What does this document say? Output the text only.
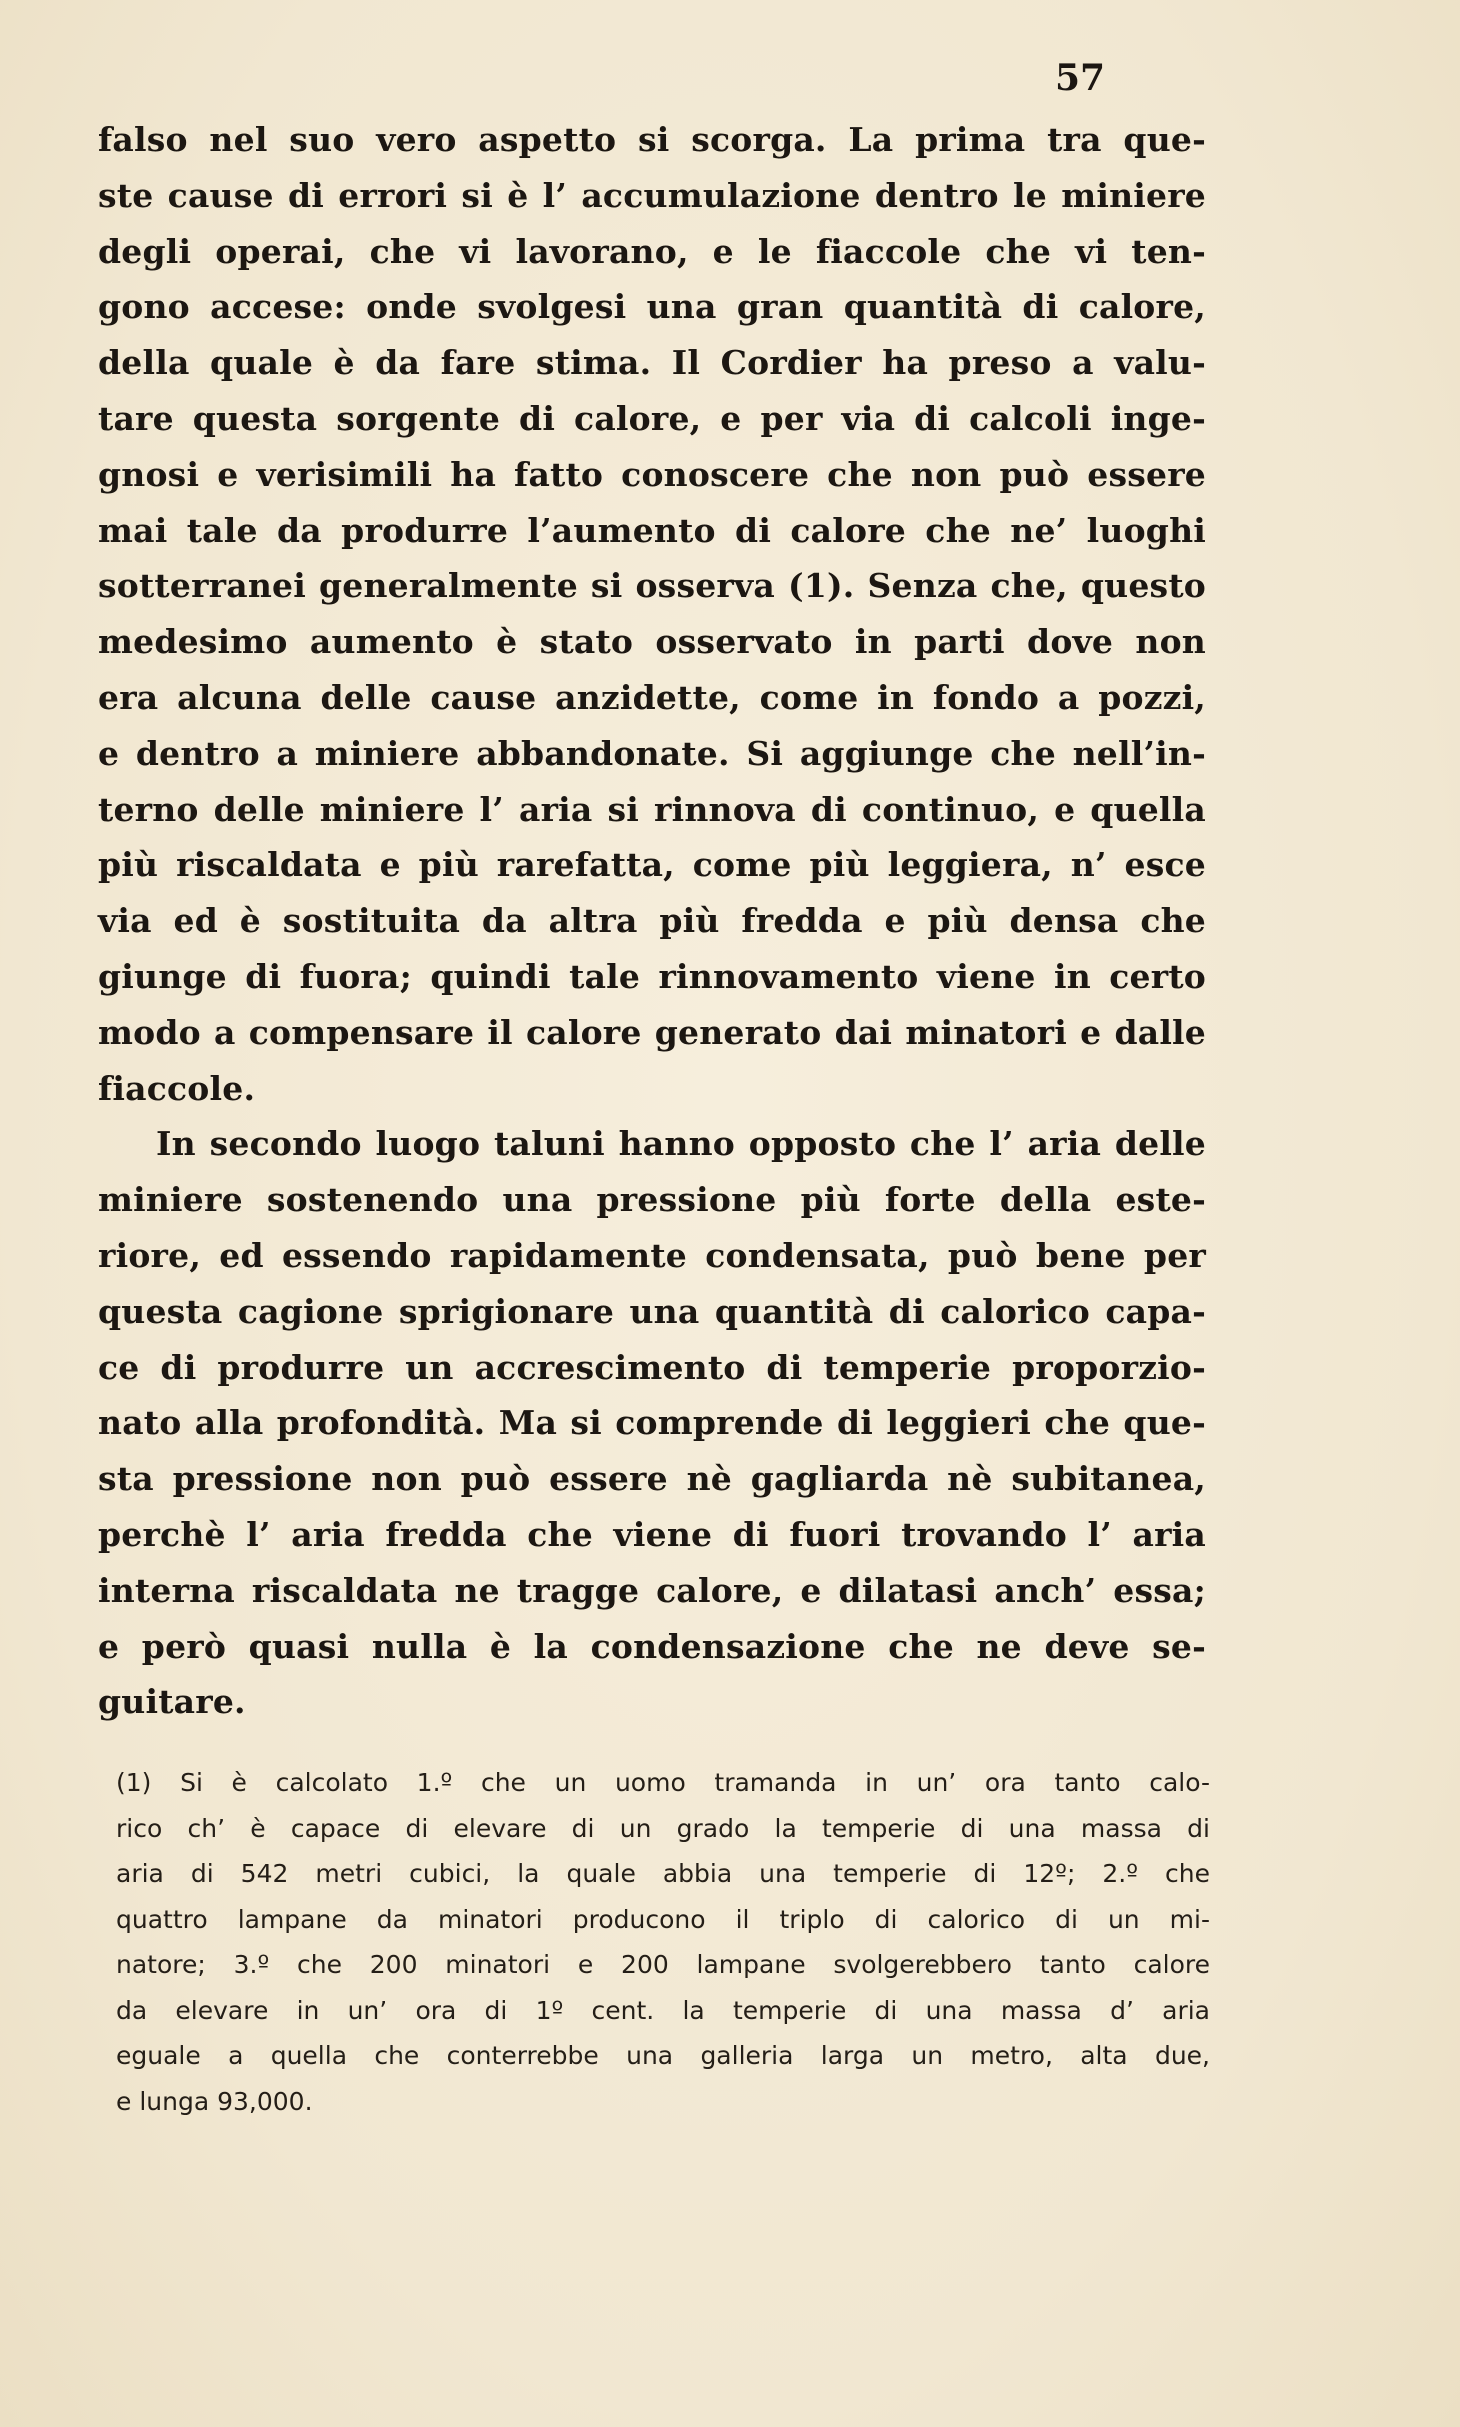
57
falso nel suo vero aspetto si scorga. La prima tra que-
ste cause di errori si è l’ accumulazione dentro le miniere
degli operai, che vi lavorano, e le fiaccole che vi ten-
gono accese: onde svolgesi una gran quantità di calore,
della quale è da fare stima. Il Cordier ha preso a valu-
tare questa sorgente di calore, e per via di calcoli inge-
gnosi e verisimili ha fatto conoscere che non può essere
mai tale da produrre l’aumento di calore che ne’ luoghi
sotterranei generalmente si osserva (1). Senza che, questo
medesimo aumento è stato osservato in parti dove non
era alcuna delle cause anzidette, come in fondo a pozzi,
e dentro a miniere abbandonate. Si aggiunge che nell’in-
terno delle miniere l’ aria si rinnova di continuo, e quella
più riscaldata e più rarefatta, come più leggiera, n’ esce
via ed è sostituita da altra più fredda e più densa che
giunge di fuora; quindi tale rinnovamento viene in certo
modo a compensare il calore generato dai minatori e dalle
fiaccole.
In secondo luogo taluni hanno opposto che l’ aria delle
miniere sostenendo una pressione più forte della este-
riore, ed essendo rapidamente condensata, può bene per
questa cagione sprigionare una quantità di calorico capa-
ce di produrre un accrescimento di temperie proporzio-
nato alla profondità. Ma si comprende di leggieri che que-
sta pressione non può essere nè gagliarda nè subitanea,
perchè l’ aria fredda che viene di fuori trovando l’ aria
interna riscaldata ne tragge calore, e dilatasi anch’ essa;
e però quasi nulla è la condensazione che ne deve se-
guitare.
(1) Si è calcolato 1.º che un uomo tramanda in un’ ora tanto calo-
rico ch’ è capace di elevare di un grado la temperie di una massa di
aria di 542 metri cubici, la quale abbia una temperie di 12º; 2.º che
quattro lampane da minatori producono il triplo di calorico di un mi-
natore; 3.º che 200 minatori e 200 lampane svolgerebbero tanto calore
da elevare in un’ ora di 1º cent. la temperie di una massa d’ aria
eguale a quella che conterrebbe una galleria larga un metro, alta due,
e lunga 93,000.
